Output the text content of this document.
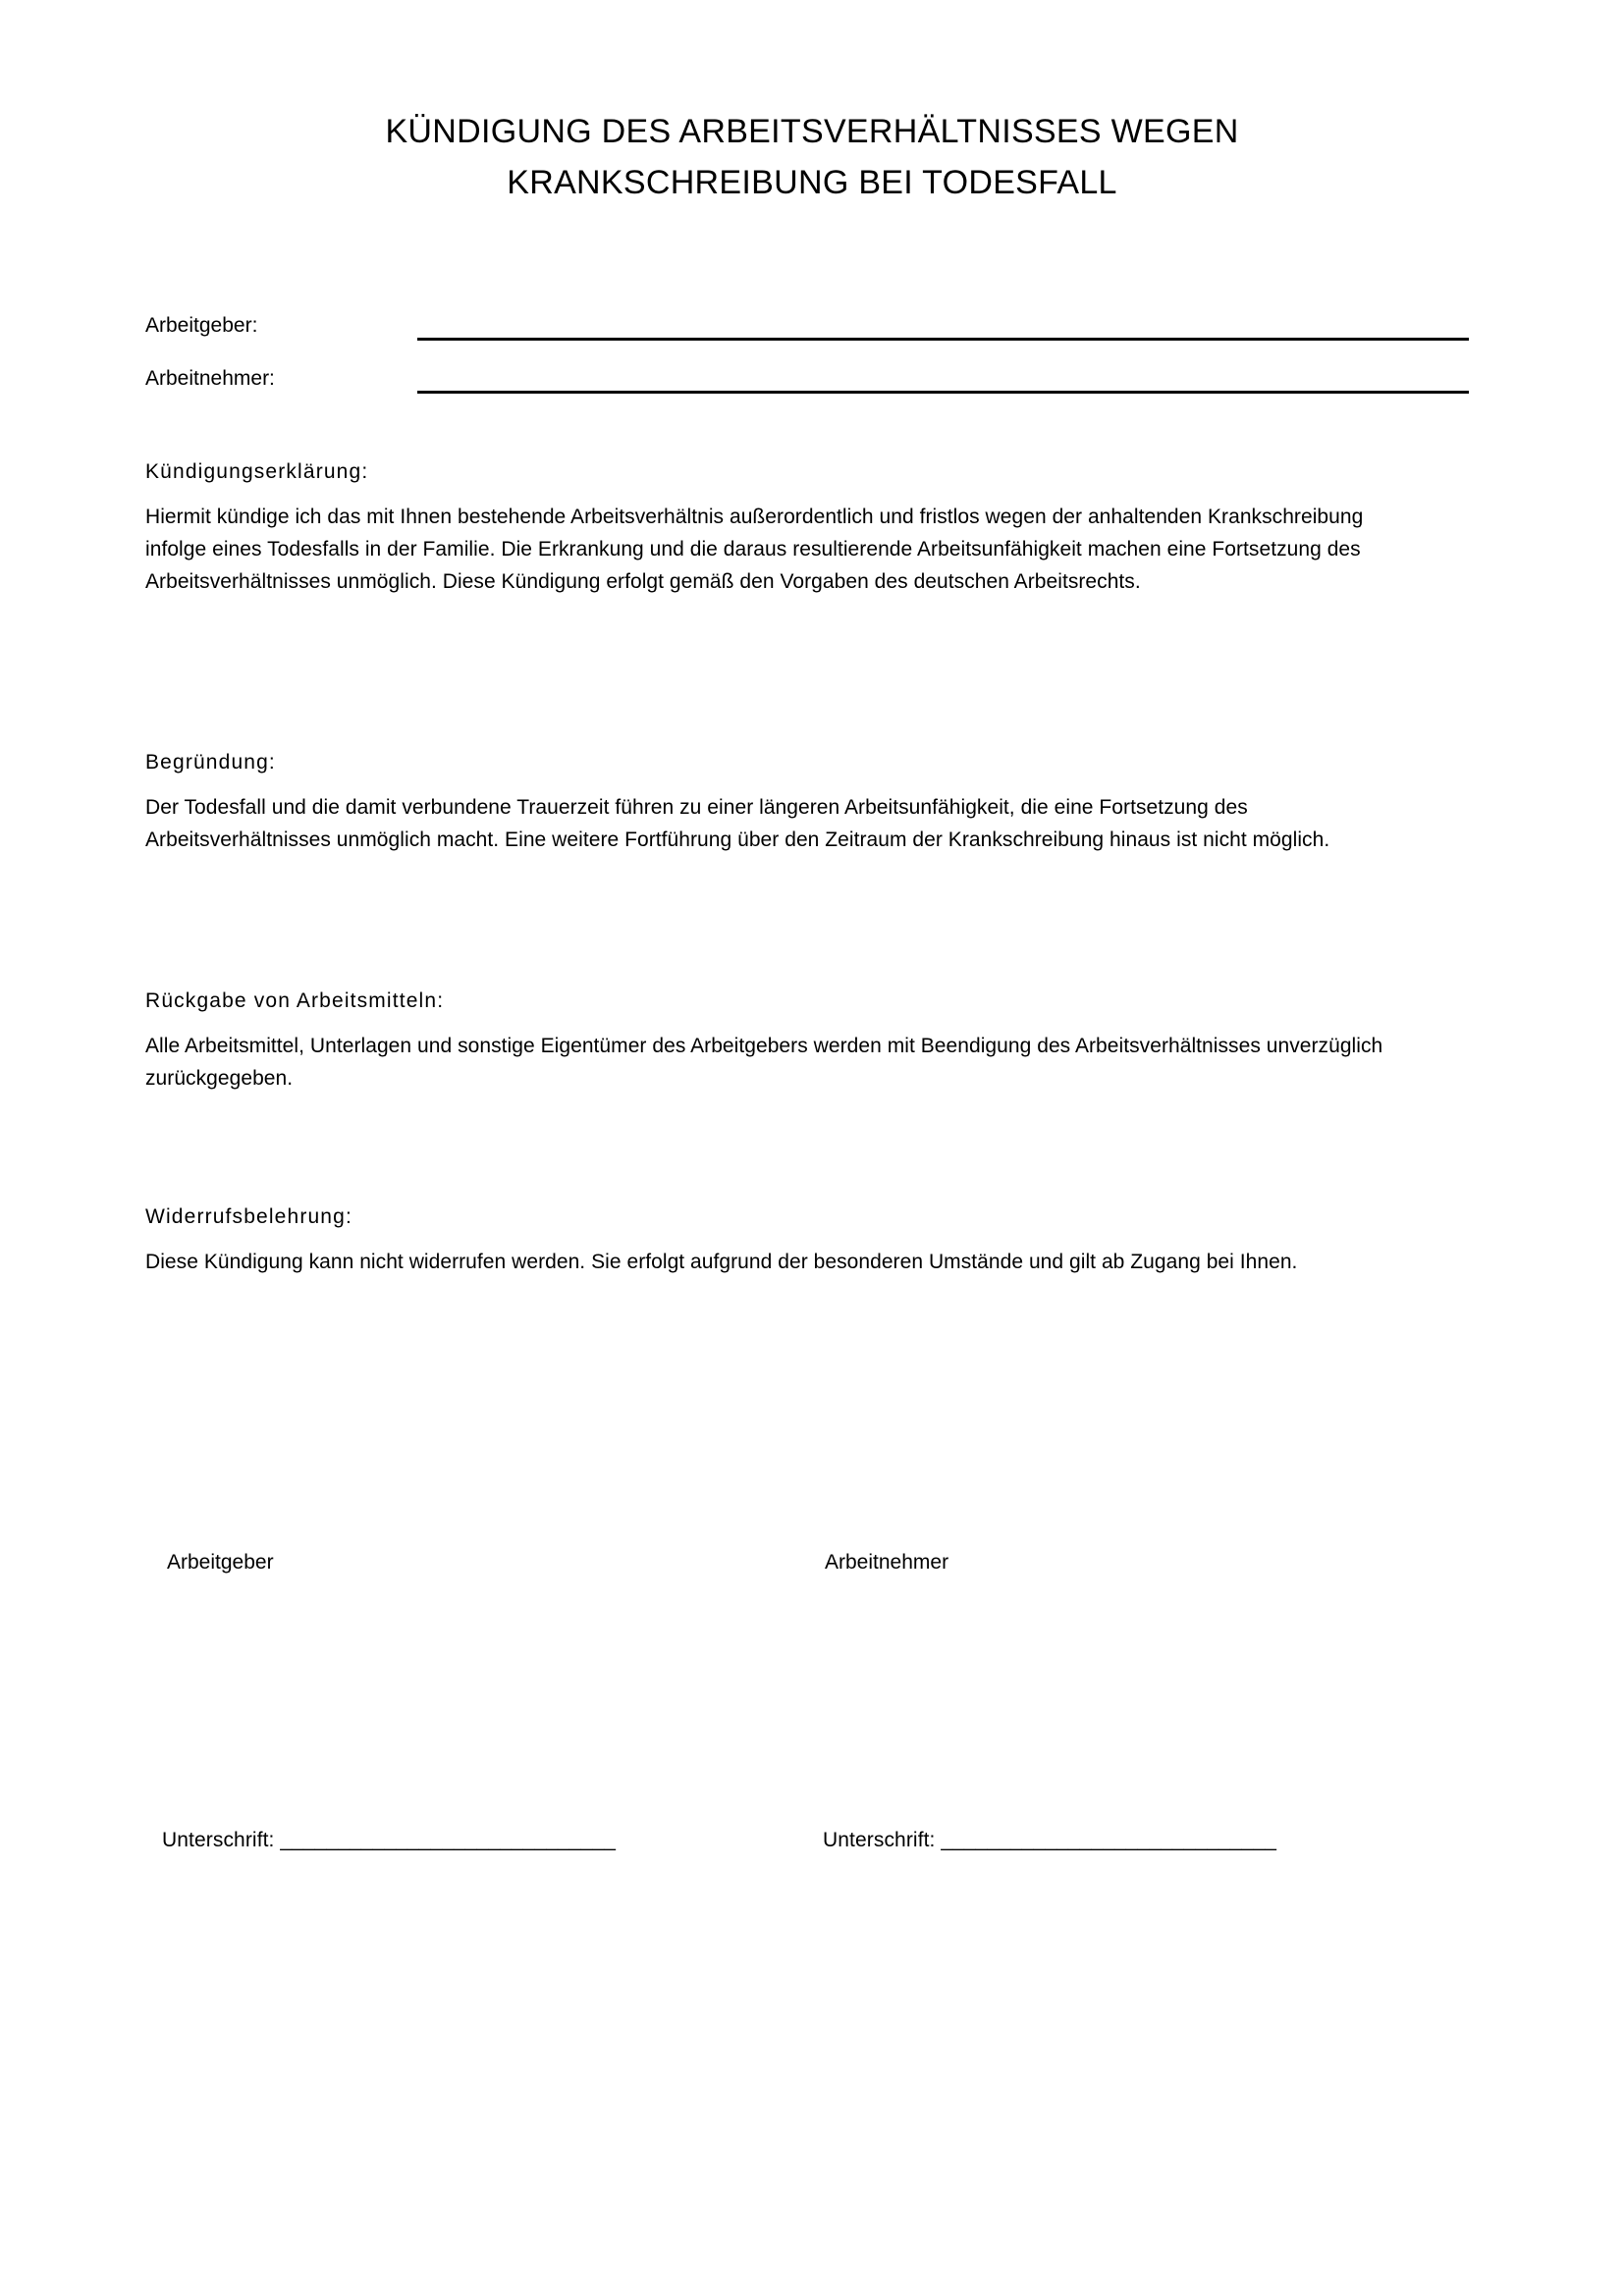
KÜNDIGUNG DES ARBEITSVERHÄLTNISSES WEGEN
KRANKSCHREIBUNG BEI TODESFALL
Arbeitgeber:
Arbeitnehmer:

Kündigungserklärung:

Hiermit kündige ich das mit Ihnen bestehende Arbeitsverhältnis außerordentlich und fristlos wegen der anhaltenden Krankschreibung infolge eines Todesfalls in der Familie. Die Erkrankung und die daraus resultierende Arbeitsunfähigkeit machen eine Fortsetzung des Arbeitsverhältnisses unmöglich. Diese Kündigung erfolgt gemäß den Vorgaben des deutschen Arbeitsrechts.

Begründung:

Der Todesfall und die damit verbundene Trauerzeit führen zu einer längeren Arbeitsunfähigkeit, die eine Fortsetzung des Arbeitsverhältnisses unmöglich macht. Eine weitere Fortführung über den Zeitraum der Krankschreibung hinaus ist nicht möglich.

Rückgabe von Arbeitsmitteln:

Alle Arbeitsmittel, Unterlagen und sonstige Eigentümer des Arbeitgebers werden mit Beendigung des Arbeitsverhältnisses unverzüglich zurückgegeben.

Widerrufsbelehrung:

Diese Kündigung kann nicht widerrufen werden. Sie erfolgt aufgrund der besonderen Umstände und gilt ab Zugang bei Ihnen.

Arbeitgeber	Arbeitnehmer
Unterschrift: _____________________________	Unterschrift: _____________________________
